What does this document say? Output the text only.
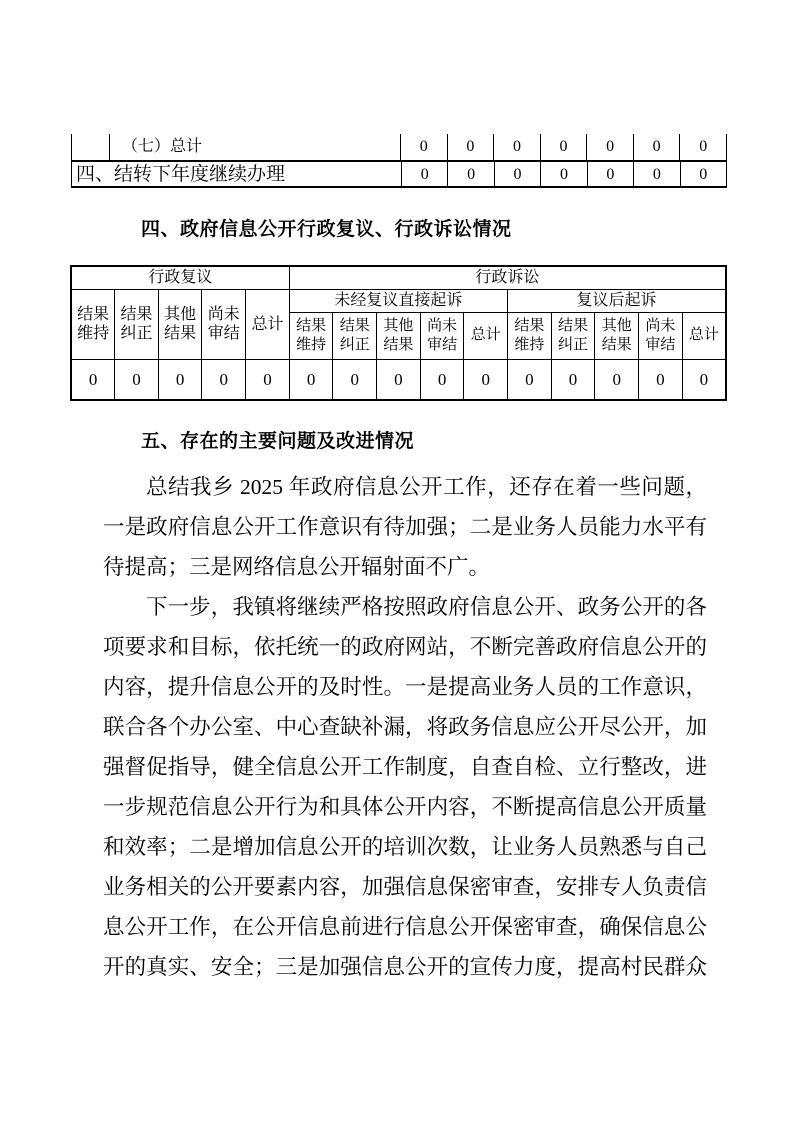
（七）总计	0	0	0	0	0	0	0
四、结转下年度继续办理	0	0	0	0	0	0	0
四、政府信息公开行政复议、行政诉讼情况
行政复议					行政诉讼									
结果维持	结果纠正	其他结果	尚未审结	总计	未经复议直接起诉					复议后起诉				
					结果维持	结果纠正	其他结果	尚未审结	总计	结果维持	结果纠正	其他结果	尚未审结	总计
0	0	0	0	0	0	0	0	0	0	0	0	0	0	0
五、存在的主要问题及改进情况
总结我乡 2025 年政府信息公开工作，还存在着一些问题，
一是政府信息公开工作意识有待加强；二是业务人员能力水平有
待提高；三是网络信息公开辐射面不广。
下一步，我镇将继续严格按照政府信息公开、政务公开的各
项要求和目标，依托统一的政府网站，不断完善政府信息公开的
内容，提升信息公开的及时性。一是提高业务人员的工作意识，
联合各个办公室、中心查缺补漏，将政务信息应公开尽公开，加
强督促指导，健全信息公开工作制度，自查自检、立行整改，进
一步规范信息公开行为和具体公开内容，不断提高信息公开质量
和效率；二是增加信息公开的培训次数，让业务人员熟悉与自己
业务相关的公开要素内容，加强信息保密审查，安排专人负责信
息公开工作，在公开信息前进行信息公开保密审查，确保信息公
开的真实、安全；三是加强信息公开的宣传力度，提高村民群众
